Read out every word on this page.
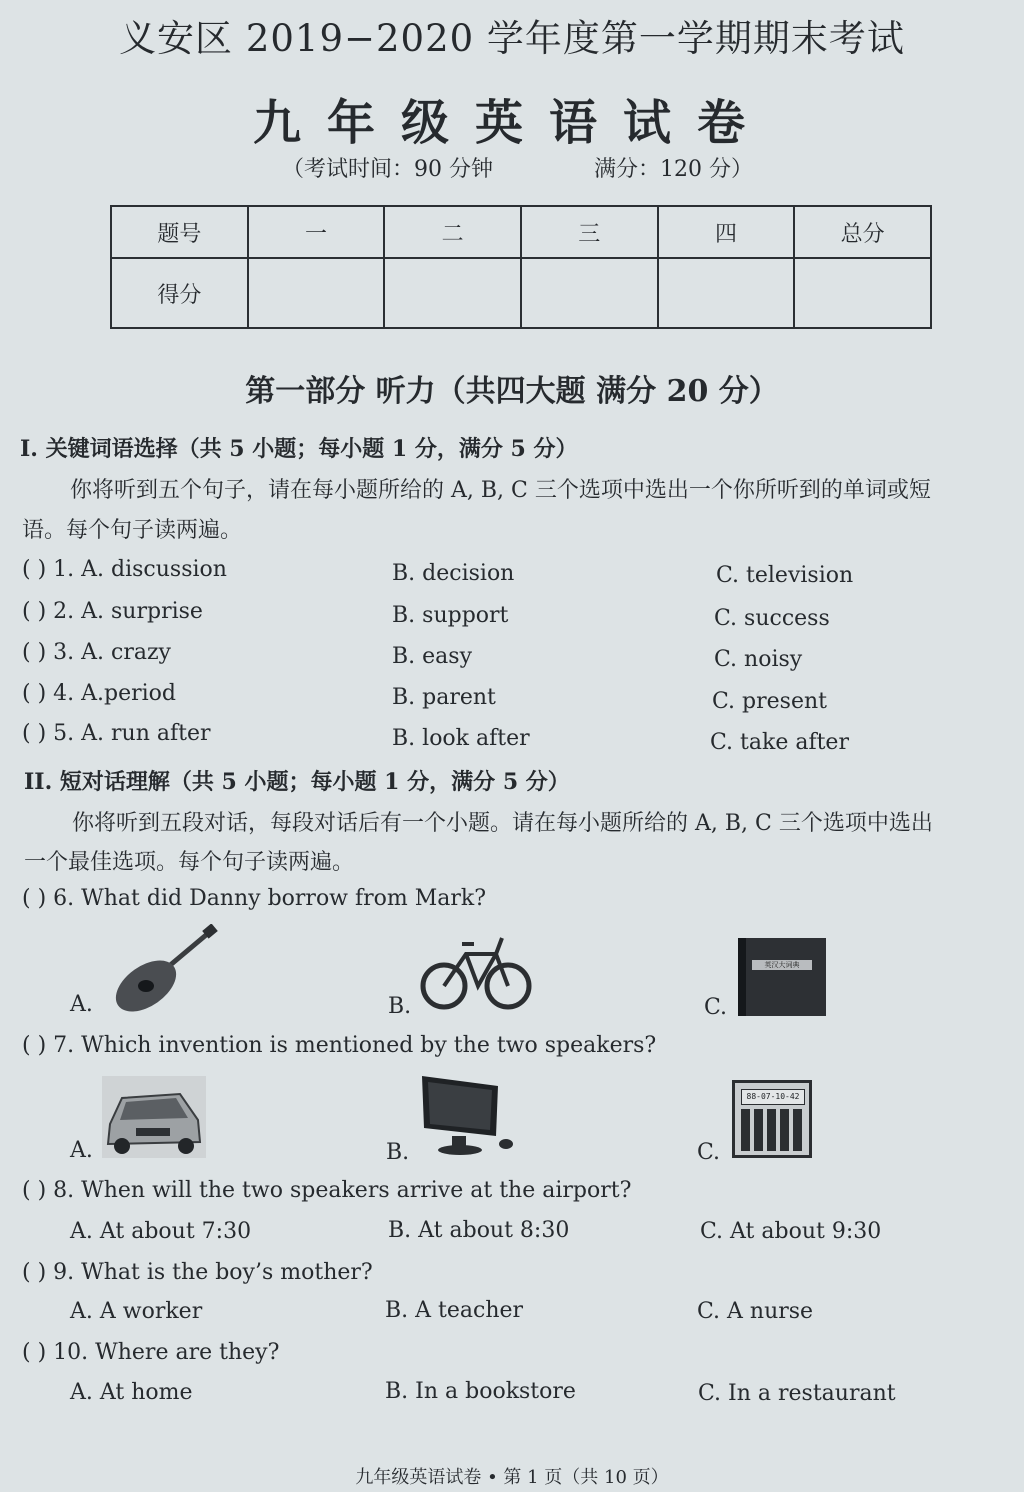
义安区 2019−2020 学年度第一学期期末考试
九年级英语试卷
（考试时间：90 分钟	满分：120 分）
题号	一	二	三	四	总分
得分					
第一部分 听力（共四大题 满分 20 分）
I. 关键词语选择（共 5 小题；每小题 1 分，满分 5 分）
你将听到五个句子，请在每小题所给的 A, B, C 三个选项中选出一个你所听到的单词或短
语。每个句子读两遍。
( ) 1. A. discussion	B. decision	C. television
( ) 2. A. surprise	B. support	C. success
( ) 3. A. crazy	B. easy	C. noisy
( ) 4. A.period	B. parent	C. present
( ) 5. A. run after	B. look after	C. take after
II. 短对话理解（共 5 小题；每小题 1 分，满分 5 分）
你将听到五段对话，每段对话后有一个小题。请在每小题所给的 A, B, C 三个选项中选出
一个最佳选项。每个句子读两遍。
( ) 6. What did Danny borrow from Mark?
A.	B.	C.
英汉大词典
( ) 7. Which invention is mentioned by the two speakers?
A.	B.	C.
88-07-10-42
( ) 8. When will the two speakers arrive at the airport?
A. At about 7:30	B. At about 8:30	C. At about 9:30
( ) 9. What is the boy’s mother?
A. A worker	B. A teacher	C. A nurse
( ) 10. Where are they?
A. At home	B. In a bookstore	C. In a restaurant
九年级英语试卷 • 第 1 页（共 10 页）
